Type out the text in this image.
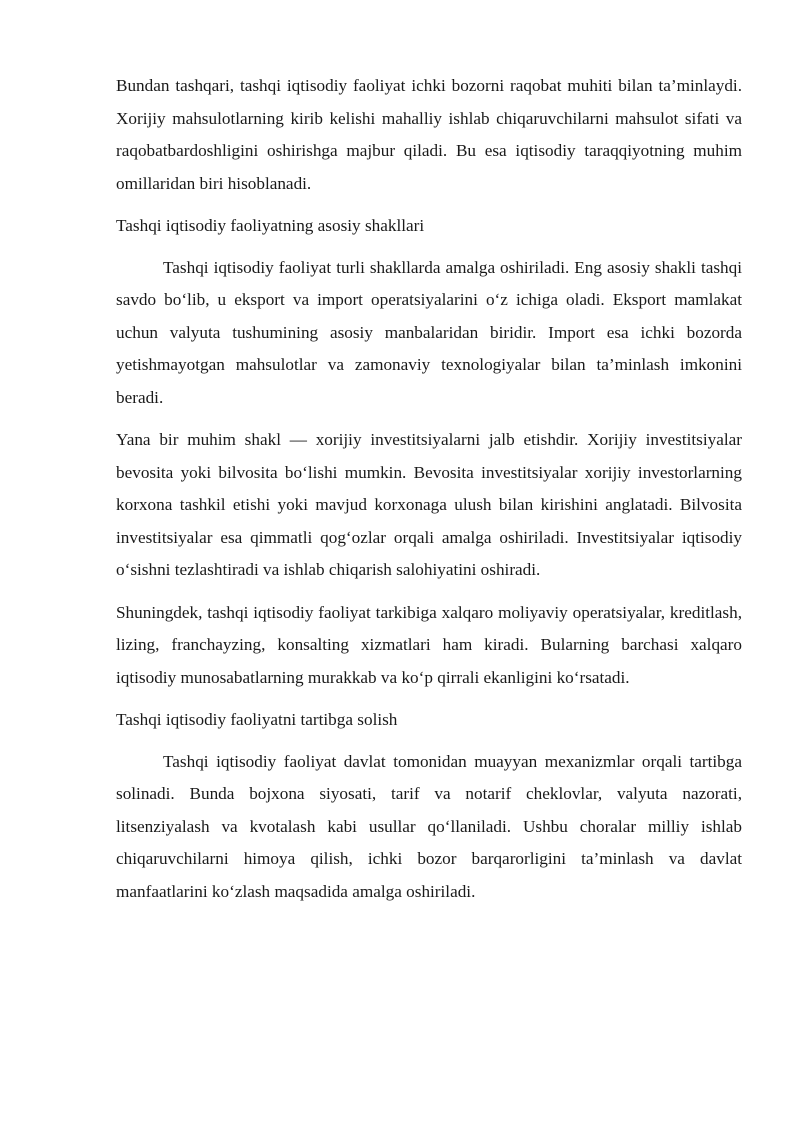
Bundan tashqari, tashqi iqtisodiy faoliyat ichki bozorni raqobat muhiti bilan ta’minlaydi. Xorijiy mahsulotlarning kirib kelishi mahalliy ishlab chiqaruvchilarni mahsulot sifati va raqobatbardoshligini oshirishga majbur qiladi. Bu esa iqtisodiy taraqqiyotning muhim omillaridan biri hisoblanadi.

Tashqi iqtisodiy faoliyatning asosiy shakllari

Tashqi iqtisodiy faoliyat turli shakllarda amalga oshiriladi. Eng asosiy shakli tashqi savdo bo‘lib, u eksport va import operatsiyalarini o‘z ichiga oladi. Eksport mamlakat uchun valyuta tushumining asosiy manbalaridan biridir. Import esa ichki bozorda yetishmayotgan mahsulotlar va zamonaviy texnologiyalar bilan ta’minlash imkonini beradi.

Yana bir muhim shakl — xorijiy investitsiyalarni jalb etishdir. Xorijiy investitsiyalar bevosita yoki bilvosita bo‘lishi mumkin. Bevosita investitsiyalar xorijiy investorlarning korxona tashkil etishi yoki mavjud korxonaga ulush bilan kirishini anglatadi. Bilvosita investitsiyalar esa qimmatli qog‘ozlar orqali amalga oshiriladi. Investitsiyalar iqtisodiy o‘sishni tezlashtiradi va ishlab chiqarish salohiyatini oshiradi.

Shuningdek, tashqi iqtisodiy faoliyat tarkibiga xalqaro moliyaviy operatsiyalar, kreditlash, lizing, franchayzing, konsalting xizmatlari ham kiradi. Bularning barchasi xalqaro iqtisodiy munosabatlarning murakkab va ko‘p qirrali ekanligini ko‘rsatadi.

Tashqi iqtisodiy faoliyatni tartibga solish

Tashqi iqtisodiy faoliyat davlat tomonidan muayyan mexanizmlar orqali tartibga solinadi. Bunda bojxona siyosati, tarif va notarif cheklovlar, valyuta nazorati, litsenziyalash va kvotalash kabi usullar qo‘llaniladi. Ushbu choralar milliy ishlab chiqaruvchilarni himoya qilish, ichki bozor barqarorligini ta’minlash va davlat manfaatlarini ko‘zlash maqsadida amalga oshiriladi.
